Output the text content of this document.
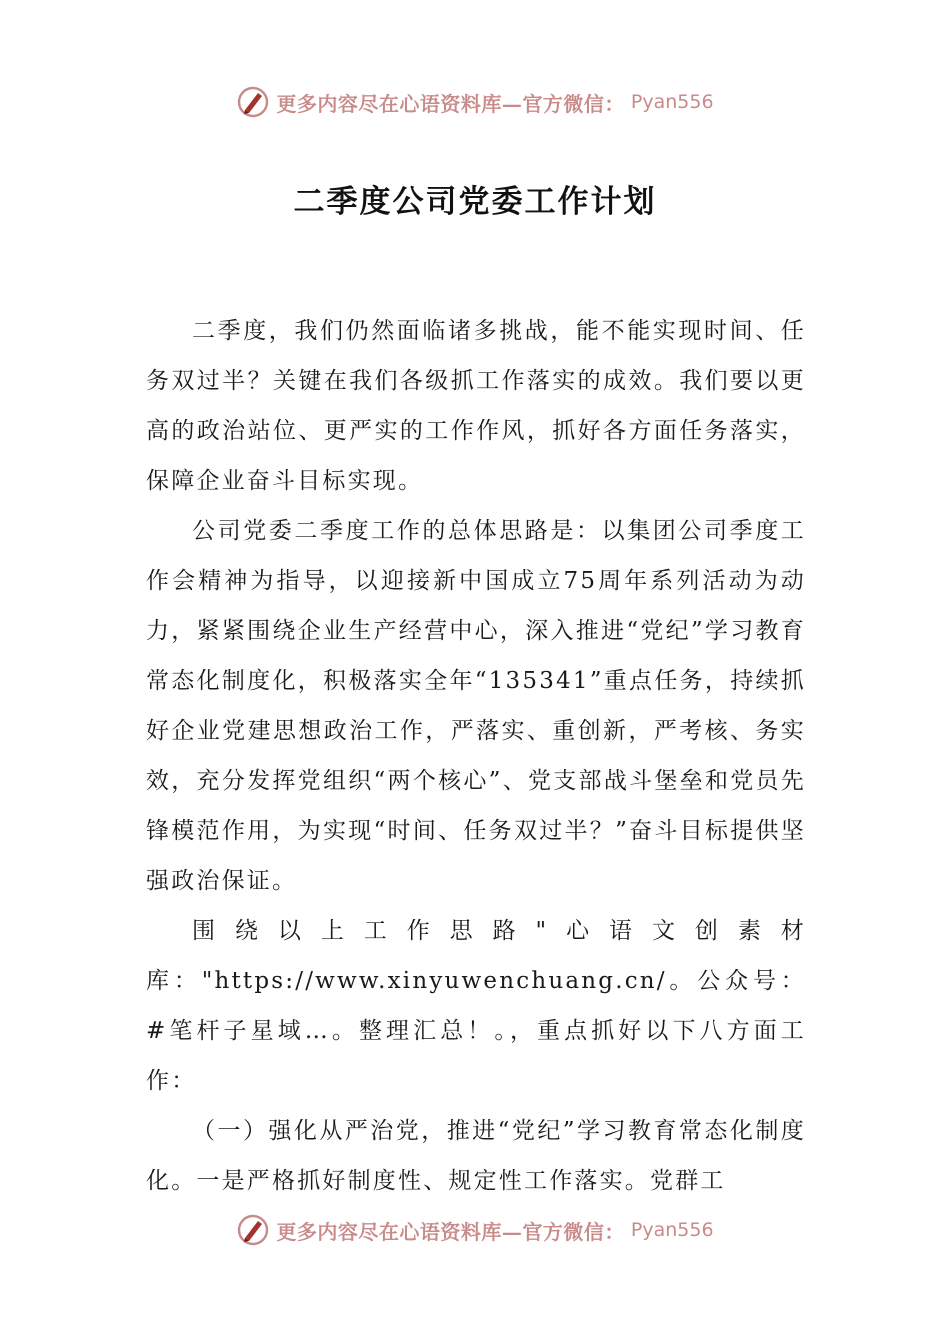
更多内容尽在心语资料库—官方微信： Pyan556
二季度公司党委工作计划

二季度，我们仍然面临诸多挑战，能不能实现时间、任务双过半？关键在我们各级抓工作落实的成效。我们要以更高的政治站位、更严实的工作作风，抓好各方面任务落实，保障企业奋斗目标实现。

公司党委二季度工作的总体思路是：以集团公司季度工作会精神为指导，以迎接新中国成立75周年系列活动为动力，紧紧围绕企业生产经营中心，深入推进“党纪”学习教育常态化制度化，积极落实全年“135341”重点任务，持续抓好企业党建思想政治工作，严落实、重创新，严考核、务实效，充分发挥党组织“两个核心”、党支部战斗堡垒和党员先锋模范作用，为实现“时间、任务双过半？”奋斗目标提供坚强政治保证。

围绕以上工作思路"心语文创素材库："https://www.xinyuwenchuang.cn/。公众号：#笔杆子星域…。整理汇总！。，重点抓好以下八方面工作：

（一）强化从严治党，推进“党纪”学习教育常态化制度化。一是严格抓好制度性、规定性工作落实。党群工

更多内容尽在心语资料库—官方微信： Pyan556
